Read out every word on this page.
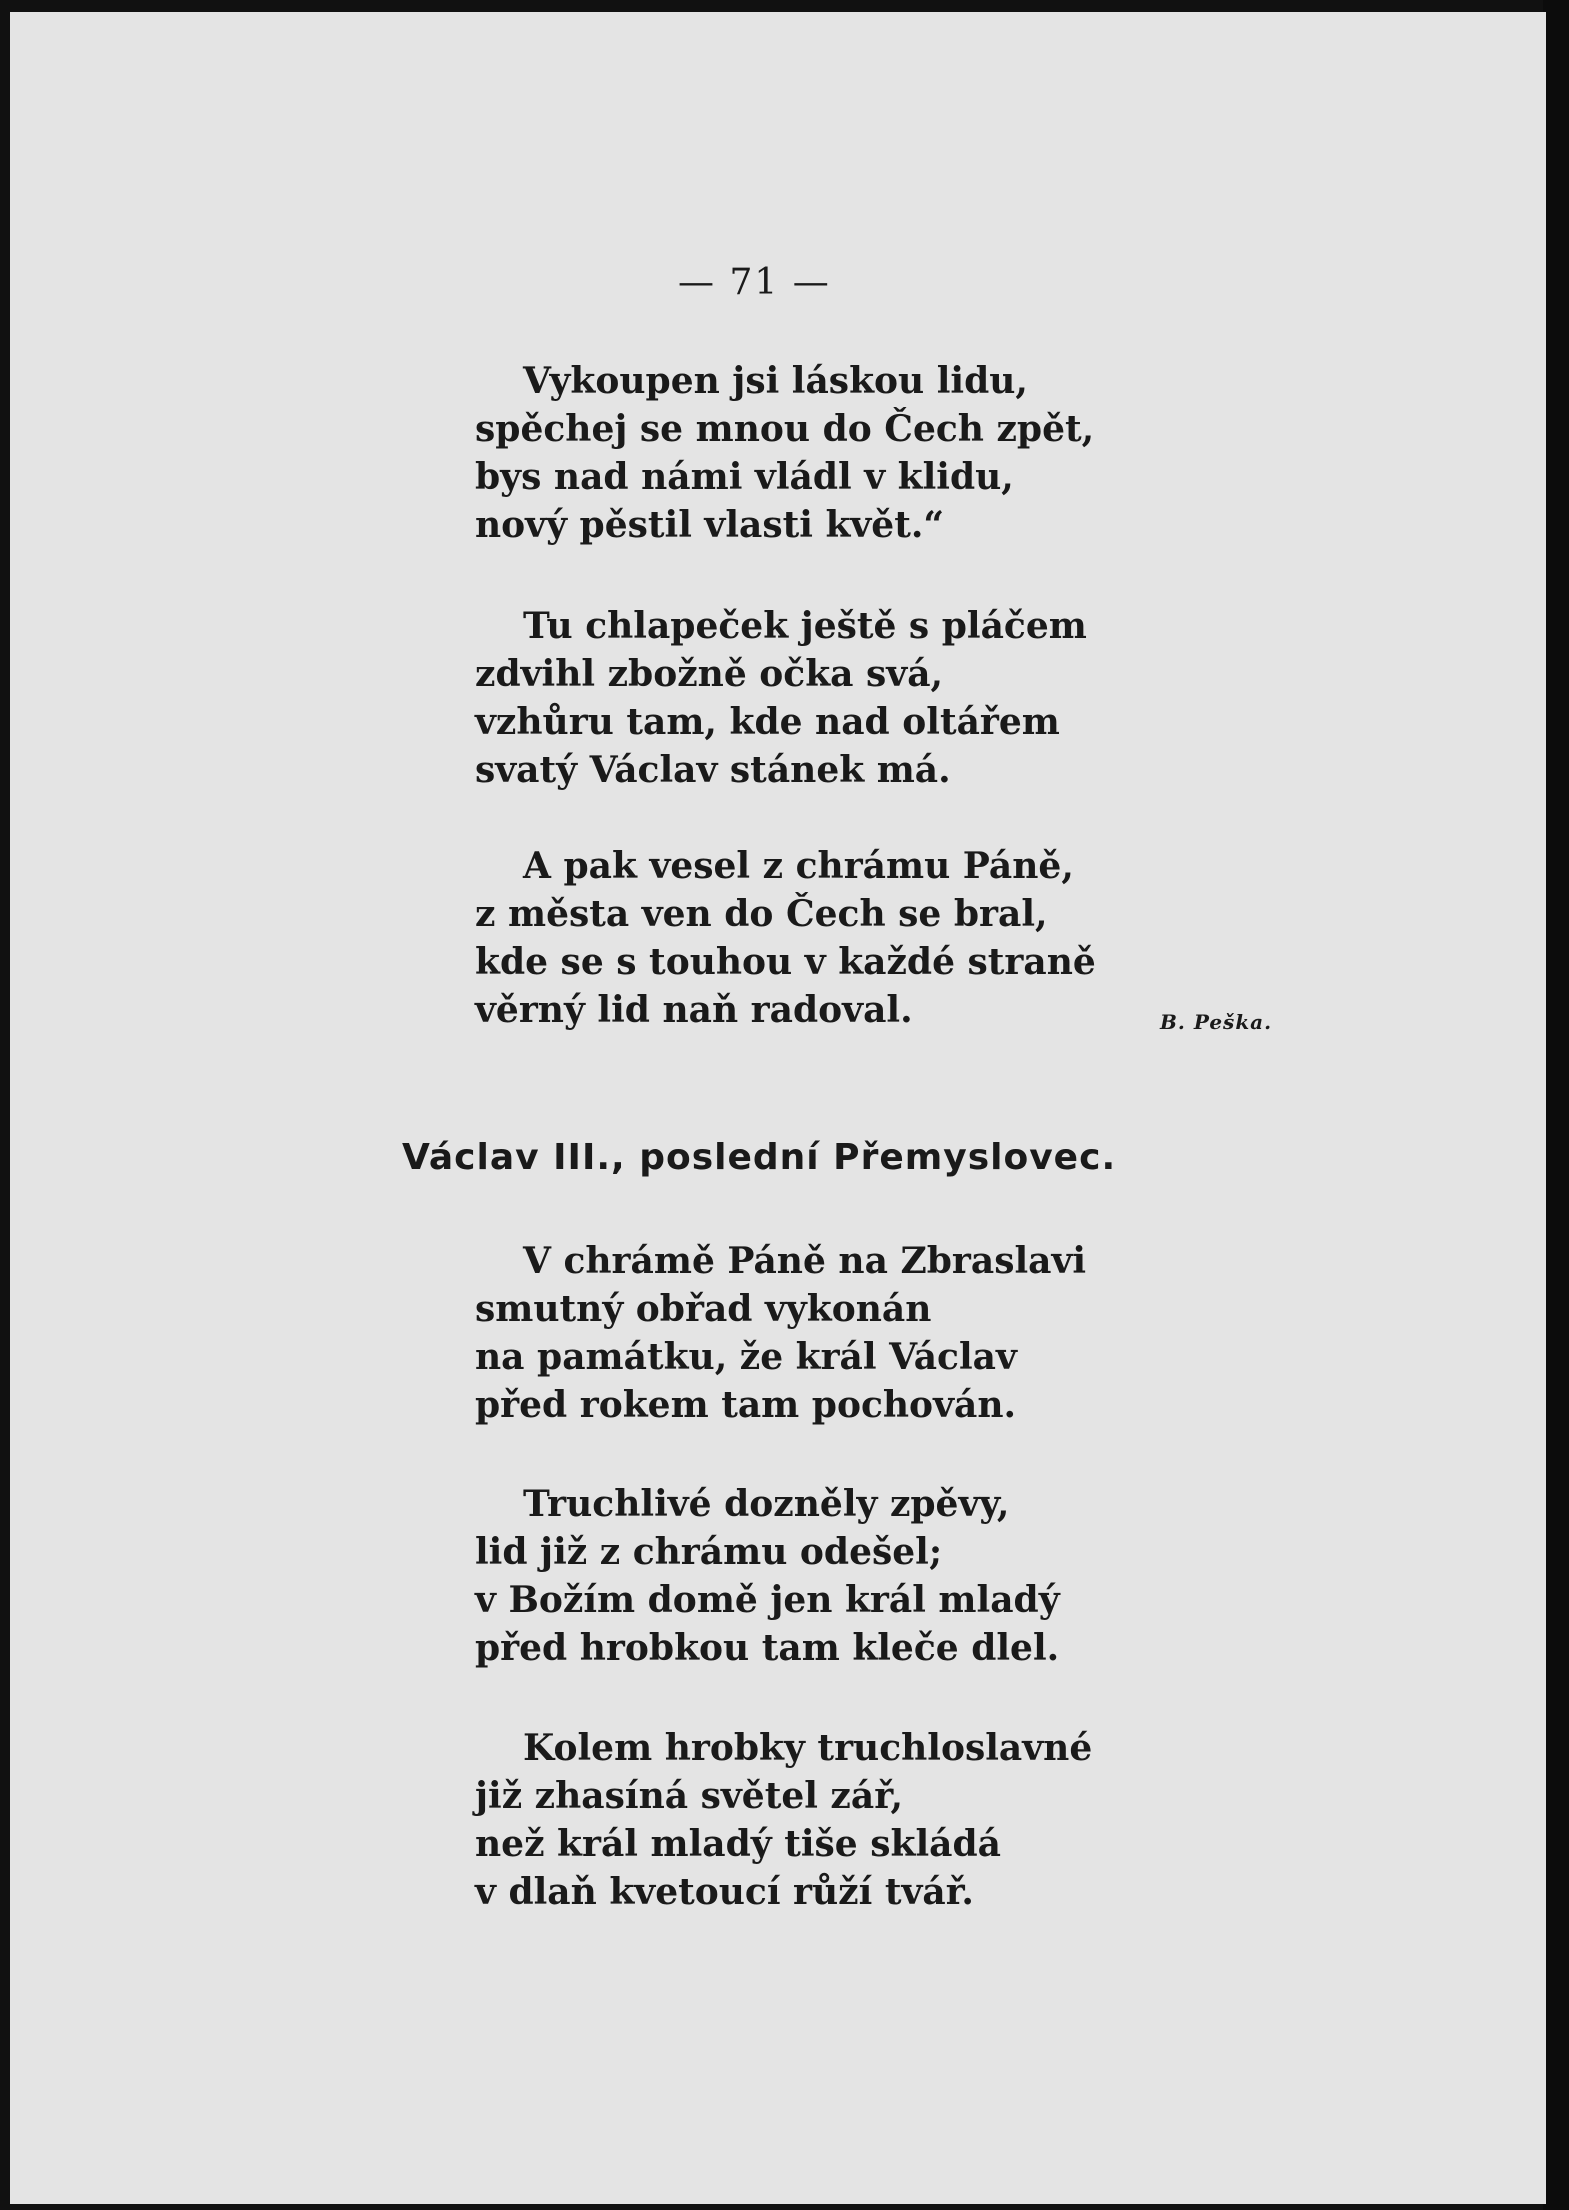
— 71 —
Vykoupen jsi láskou lidu,
spěchej se mnou do Čech zpět,
bys nad námi vládl v klidu,
nový pěstil vlasti květ.“
Tu chlapeček ještě s pláčem
zdvihl zbožně očka svá,
vzhůru tam, kde nad oltářem
svatý Václav stánek má.
A pak vesel z chrámu Páně,
z města ven do Čech se bral,
kde se s touhou v každé straně
věrný lid naň radoval.	B. Peška.
Václav III., poslední Přemyslovec.
V chrámě Páně na Zbraslavi
smutný obřad vykonán
na památku, že král Václav
před rokem tam pochován.
Truchlivé dozněly zpěvy,
lid již z chrámu odešel;
v Božím domě jen král mladý
před hrobkou tam kleče dlel.
Kolem hrobky truchloslavné
již zhasíná světel zář,
než král mladý tiše skládá
v dlaň kvetoucí růží tvář.
